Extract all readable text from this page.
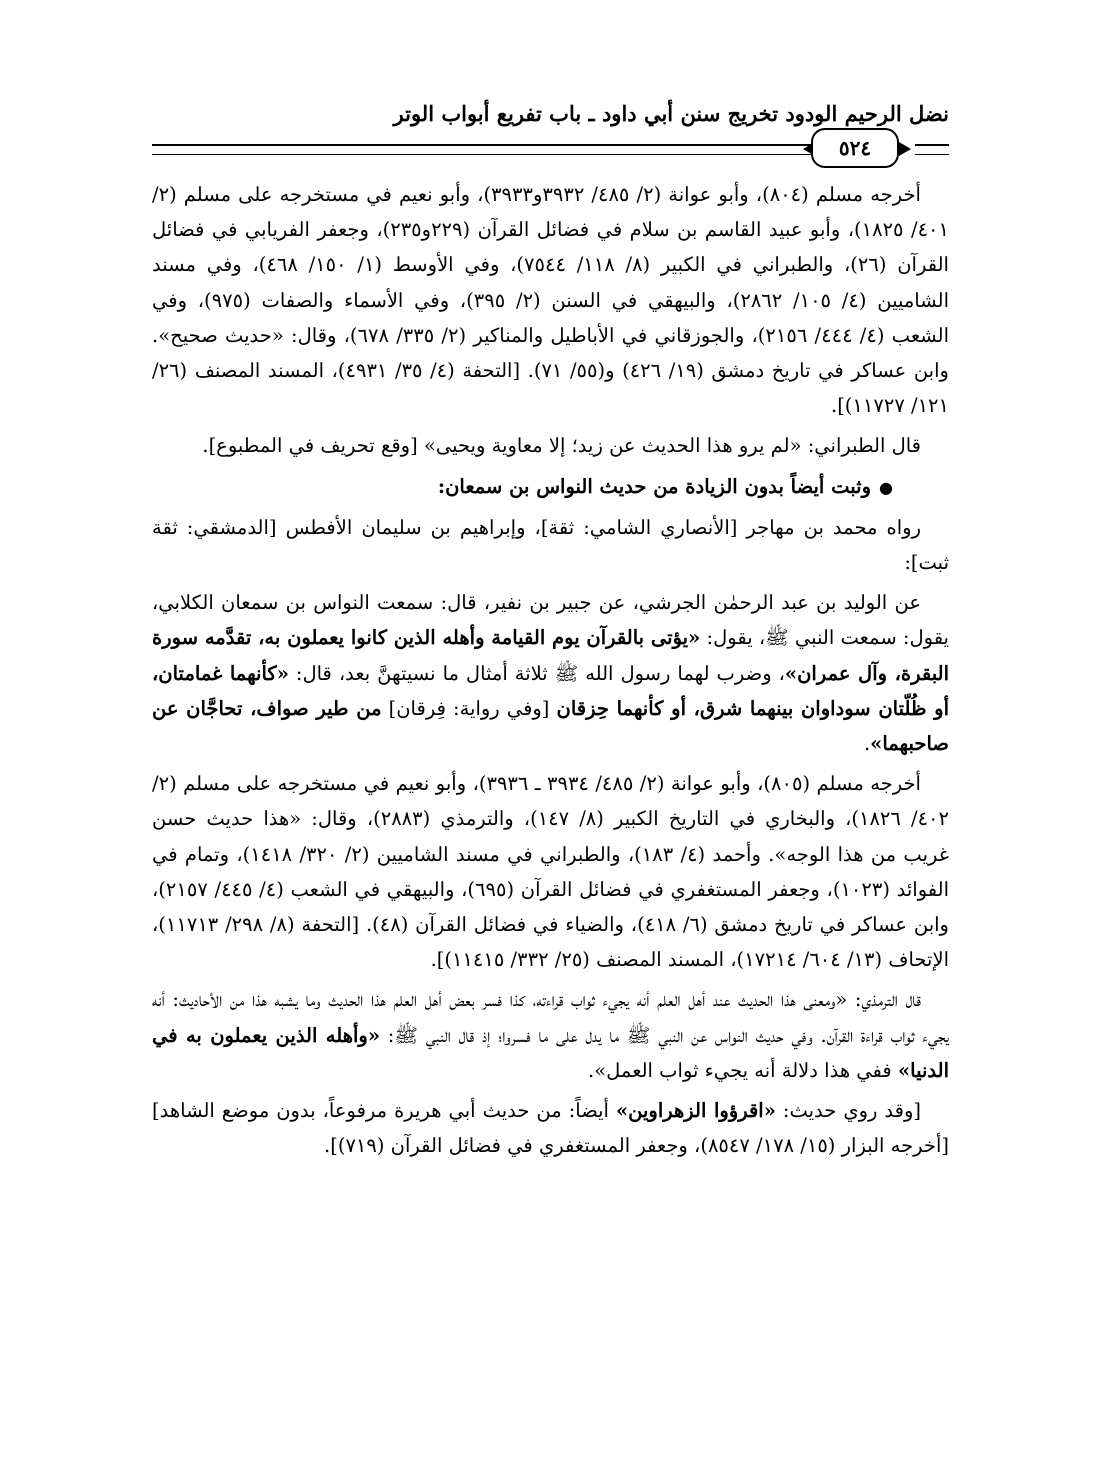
نضل الرحيم الودود تخريج سنن أبي داود ـ باب تفريع أبواب الوتر
٥٢٤

أخرجه مسلم (٨٠٤)، وأبو عوانة (٢/ ٤٨٥/ ٣٩٣٢و٣٩٣٣)، وأبو نعيم في مستخرجه على مسلم (٢/ ٤٠١/ ١٨٢٥)، وأبو عبيد القاسم بن سلام في فضائل القرآن (٢٢٩و٢٣٥)، وجعفر الفريابي في فضائل القرآن (٢٦)، والطبراني في الكبير (٨/ ١١٨/ ٧٥٤٤)، وفي الأوسط (١/ ١٥٠/ ٤٦٨)، وفي مسند الشاميين (٤/ ١٠٥/ ٢٨٦٢)، والبيهقي في السنن (٢/ ٣٩٥)، وفي الأسماء والصفات (٩٧٥)، وفي الشعب (٤/ ٤٤٤/ ٢١٥٦)، والجوزقاني في الأباطيل والمناكير (٢/ ٣٣٥/ ٦٧٨)، وقال: «حديث صحيح». وابن عساكر في تاريخ دمشق (١٩/ ٤٢٦) و(٥٥/ ٧١). [التحفة (٤/ ٣٥/ ٤٩٣١)، المسند المصنف (٢٦/ ١٢١/ ١١٧٢٧)].

قال الطبراني: «لم يرو هذا الحديث عن زيد؛ إلا معاوية ويحيى» [وقع تحريف في المطبوع].

●وثبت أيضاً بدون الزيادة من حديث النواس بن سمعان:

رواه محمد بن مهاجر [الأنصاري الشامي: ثقة]، وإبراهيم بن سليمان الأفطس [الدمشقي: ثقة ثبت]:

عن الوليد بن عبد الرحمٰن الجرشي، عن جبير بن نفير، قال: سمعت النواس بن سمعان الكلابي، يقول: سمعت النبي ﷺ، يقول: «يؤتى بالقرآن يوم القيامة وأهله الذين كانوا يعملون به، تقدَّمه سورة البقرة، وآل عمران»، وضرب لهما رسول الله ﷺ ثلاثة أمثال ما نسيتهنَّ بعد، قال: «كأنهما غمامتان، أو ظُلّتان سوداوان بينهما شرق، أو كأنهما حِزقان [وفي رواية: فِرقان] من طير صواف، تحاجَّان عن صاحبهما».

أخرجه مسلم (٨٠٥)، وأبو عوانة (٢/ ٤٨٥/ ٣٩٣٤ ـ ٣٩٣٦)، وأبو نعيم في مستخرجه على مسلم (٢/ ٤٠٢/ ١٨٢٦)، والبخاري في التاريخ الكبير (٨/ ١٤٧)، والترمذي (٢٨٨٣)، وقال: «هذا حديث حسن غريب من هذا الوجه». وأحمد (٤/ ١٨٣)، والطبراني في مسند الشاميين (٢/ ٣٢٠/ ١٤١٨)، وتمام في الفوائد (١٠٢٣)، وجعفر المستغفري في فضائل القرآن (٦٩٥)، والبيهقي في الشعب (٤/ ٤٤٥/ ٢١٥٧)، وابن عساكر في تاريخ دمشق (٦/ ٤١٨)، والضياء في فضائل القرآن (٤٨). [التحفة (٨/ ٢٩٨/ ١١٧١٣)، الإتحاف (١٣/ ٦٠٤/ ١٧٢١٤)، المسند المصنف (٢٥/ ٣٣٢/ ١١٤١٥)].

قال الترمذي: «ومعنى هذا الحديث عند أهل العلم أنه يجيء ثواب قراءته، كذا فسر بعض أهل العلم هذا الحديث وما يشبه هذا من الأحاديث: أنه يجيء ثواب قراءة القرآن. وفي حديث النواس عن النبي ﷺ ما يدل على ما فسروا؛ إذ قال النبي ﷺ: «وأهله الذين يعملون به في الدنيا» ففي هذا دلالة أنه يجيء ثواب العمل».

[وقد روي حديث: «اقرؤوا الزهراوين» أيضاً: من حديث أبي هريرة مرفوعاً، بدون موضع الشاهد] [أخرجه البزار (١٥/ ١٧٨/ ٨٥٤٧)، وجعفر المستغفري في فضائل القرآن (٧١٩)].
